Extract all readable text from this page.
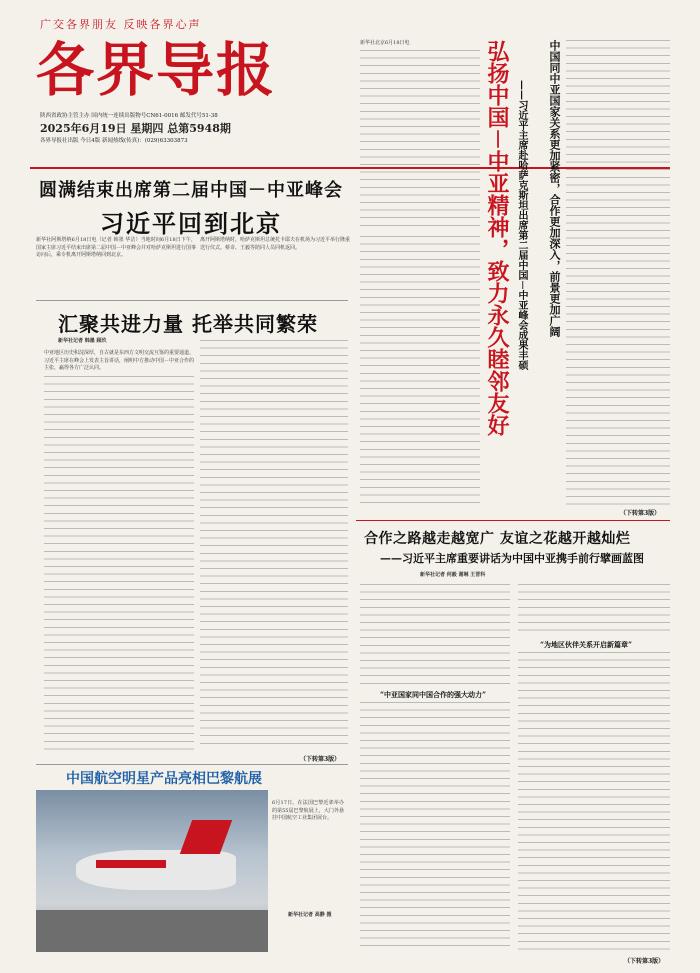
广交各界朋友 反映各界心声
各界导报
陕西省政协主管主办 国内统一连续出版物号CN61-0016 邮发代号51-38
2025年6月19日 星期四 总第5948期
各界导报社出版 今日4版 新闻热线(传真)：(029)63303873
圆满结束出席第二届中国－中亚峰会
习近平回到北京
新华社阿斯塔纳6月18日电（记者 韩墨 华洁）当地时间6月18日下午，国家主席习近平结束出席第二届中国－中亚峰会并对哈萨克斯坦进行国事访问后，乘专机离开阿斯塔纳回到北京。
离开阿斯塔纳时，哈萨克斯坦总统托卡耶夫在机场为习近平举行隆重送行仪式。蔡奇、王毅等陪同人员同机返回。
汇聚共进力量 托举共同繁荣
新华社记者 韩墨 顾玖
中亚地区历史积淀深厚，自古就是东西方文明交流互鉴的重要通道。习近平主席在峰会上发表主旨讲话，阐明中方推动中国－中亚合作的主张，赢得各方广泛认同。
（下转第3版）
中国航空明星产品亮相巴黎航展
6月17日，在法国巴黎近郊举办的第55届巴黎航展上，大门外悬挂中国航空工业集团展台。
新华社记者 高静 摄
新华社北京6月18日电	弘扬中国－中亚精神，致力永久睦邻友好	中国同中亚国家关系更加紧密，合作更加深入，前景更加广阔
——习近平主席赴哈萨克斯坦出席第二届中国－中亚峰会成果丰硕
（下转第3版）
合作之路越走越宽广 友谊之花越开越灿烂
——习近平主席重要讲话为中国中亚携手前行擘画蓝图
新华社记者 何毅 谢琳 王晋科
“中亚国家同中国合作的强大动力”
“为地区伙伴关系开启新篇章”
（下转第3版）
